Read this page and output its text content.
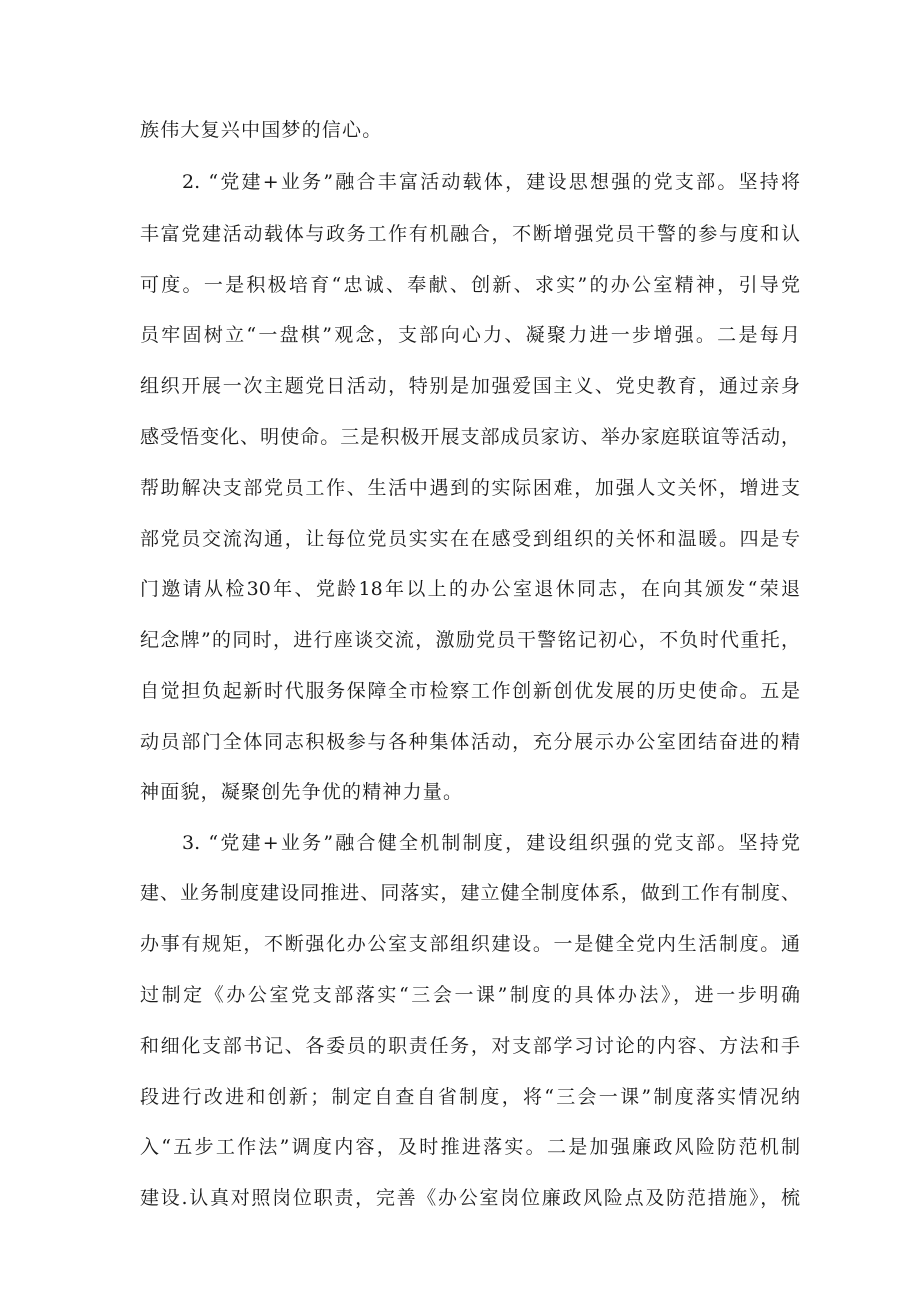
族伟大复兴中国梦的信心。

2. “党建+业务”融合丰富活动载体，建设思想强的党支部。坚持将

丰富党建活动载体与政务工作有机融合，不断增强党员干警的参与度和认

可度。一是积极培育“忠诚、奉献、创新、求实”的办公室精神，引导党

员牢固树立“一盘棋”观念，支部向心力、凝聚力进一步增强。二是每月

组织开展一次主题党日活动，特别是加强爱国主义、党史教育，通过亲身

感受悟变化、明使命。三是积极开展支部成员家访、举办家庭联谊等活动，

帮助解决支部党员工作、生活中遇到的实际困难，加强人文关怀，增进支

部党员交流沟通，让每位党员实实在在感受到组织的关怀和温暖。四是专

门邀请从检30年、党龄18年以上的办公室退休同志，在向其颁发“荣退

纪念牌”的同时，进行座谈交流，激励党员干警铭记初心，不负时代重托，

自觉担负起新时代服务保障全市检察工作创新创优发展的历史使命。五是

动员部门全体同志积极参与各种集体活动，充分展示办公室团结奋进的精

神面貌，凝聚创先争优的精神力量。

3. “党建+业务”融合健全机制制度，建设组织强的党支部。坚持党

建、业务制度建设同推进、同落实，建立健全制度体系，做到工作有制度、

办事有规矩，不断强化办公室支部组织建设。一是健全党内生活制度。通

过制定《办公室党支部落实“三会一课”制度的具体办法》，进一步明确

和细化支部书记、各委员的职责任务，对支部学习讨论的内容、方法和手

段进行改进和创新；制定自查自省制度，将“三会一课”制度落实情况纳

入“五步工作法”调度内容，及时推进落实。二是加强廉政风险防范机制

建设.认真对照岗位职责，完善《办公室岗位廉政风险点及防范措施》，梳
